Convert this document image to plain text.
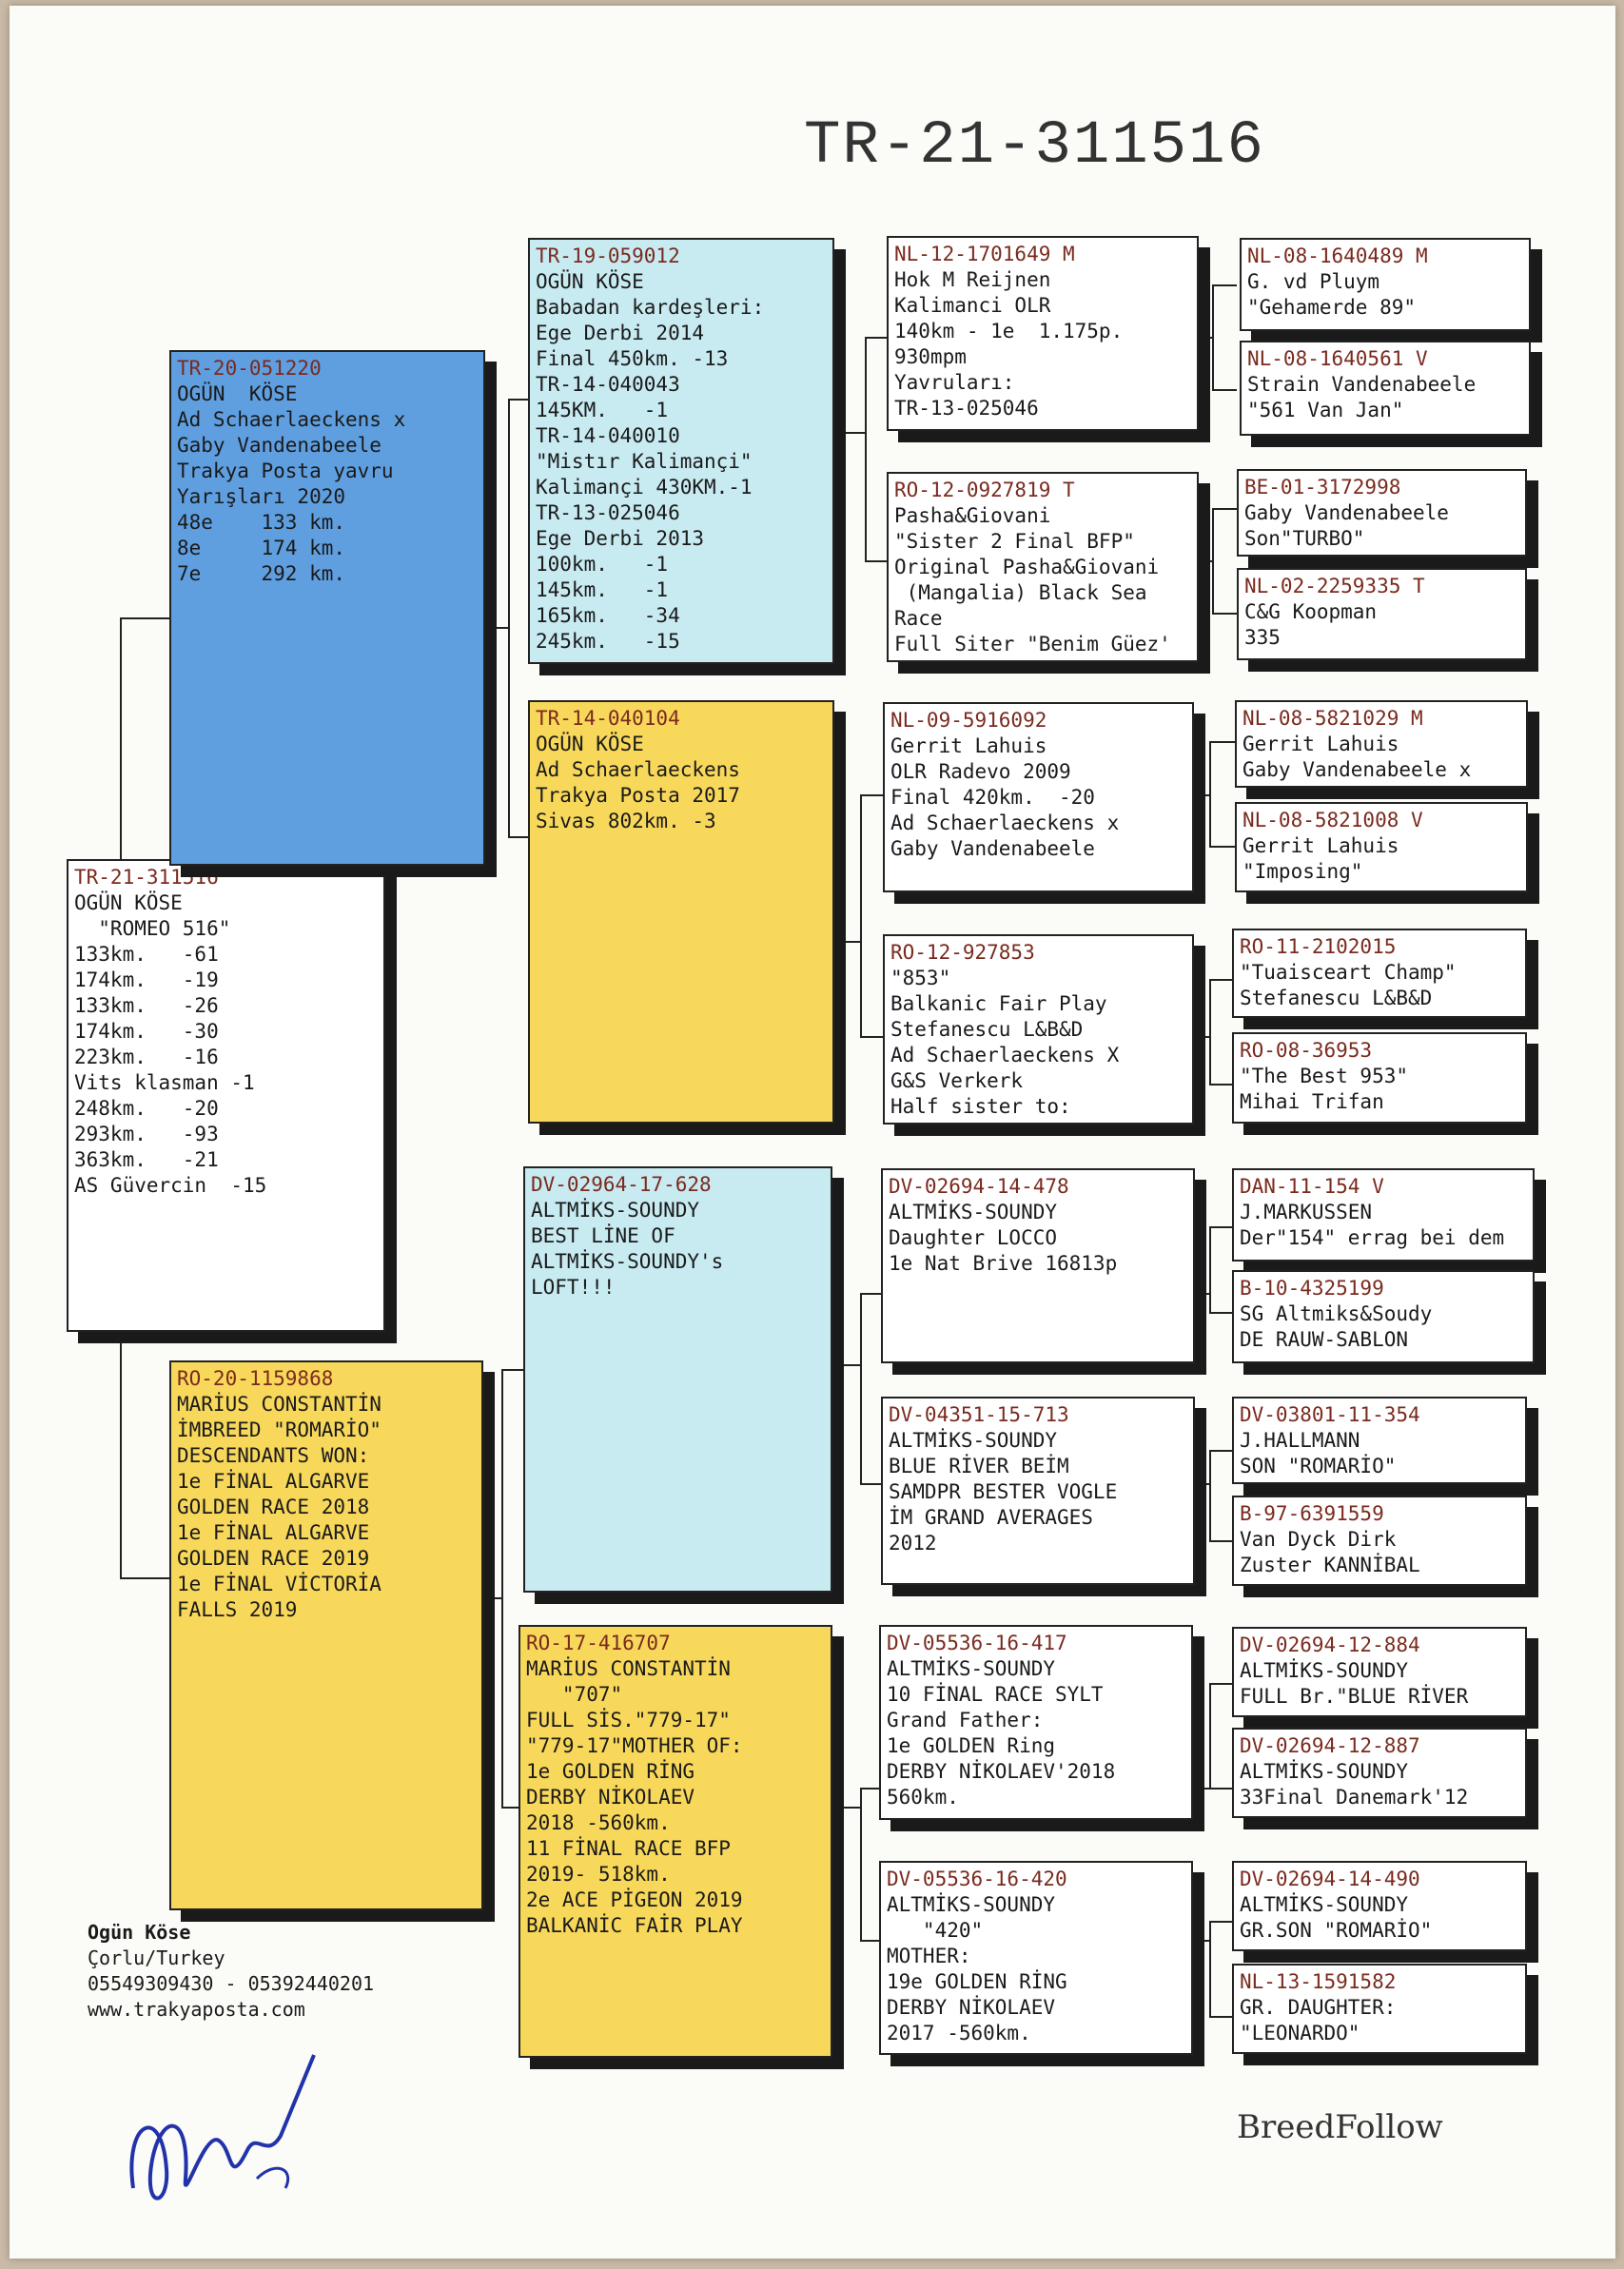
TR-21-311516
TR-21-311516
OGÜN KÖSE
"ROMEO 516"
133km.   -61
174km.   -19
133km.   -26
174km.   -30
223km.   -16
Vits klasman -1
248km.   -20
293km.   -93
363km.   -21
AS Güvercin  -15
TR-20-051220
OGÜN  KÖSE
Ad Schaerlaeckens x
Gaby Vandenabeele
Trakya Posta yavru
Yarışları 2020
48e    133 km.
8e     174 km.
7e     292 km.
RO-20-1159868
MARİUS CONSTANTİN
İMBREED "ROMARİO"
DESCENDANTS WON:
1e FİNAL ALGARVE
GOLDEN RACE 2018
1e FİNAL ALGARVE
GOLDEN RACE 2019
1e FİNAL VİCTORİA
FALLS 2019
TR-19-059012
OGÜN KÖSE
Babadan kardeşleri:
Ege Derbi 2014
Final 450km. -13
TR-14-040043
145KM.   -1
TR-14-040010
"Mistır Kalimançi"
Kalimançi 430KM.-1
TR-13-025046
Ege Derbi 2013
100km.   -1
145km.   -1
165km.   -34
245km.   -15
TR-14-040104
OGÜN KÖSE
Ad Schaerlaeckens
Trakya Posta 2017
Sivas 802km. -3
DV-02964-17-628
ALTMİKS-SOUNDY
BEST LİNE OF
ALTMİKS-SOUNDY's
LOFT!!!
RO-17-416707
MARİUS CONSTANTİN
"707"
FULL SİS."779-17"
"779-17"MOTHER OF:
1e GOLDEN RİNG
DERBY NİKOLAEV
2018 -560km.
11 FİNAL RACE BFP
2019- 518km.
2e ACE PİGEON 2019
BALKANİC FAİR PLAY
NL-12-1701649 M
Hok M Reijnen
Kalimanci OLR
140km - 1e  1.175p.
930mpm
Yavruları:
TR-13-025046
RO-12-0927819 T
Pasha&Giovani
"Sister 2 Final BFP"
Original Pasha&Giovani
(Mangalia) Black Sea
Race
Full Siter "Benim Güez'
NL-09-5916092
Gerrit Lahuis
OLR Radevo 2009
Final 420km.  -20
Ad Schaerlaeckens x
Gaby Vandenabeele
RO-12-927853
"853"
Balkanic Fair Play
Stefanescu L&B&D
Ad Schaerlaeckens X
G&S Verkerk
Half sister to:
DV-02694-14-478
ALTMİKS-SOUNDY
Daughter LOCCO
1e Nat Brive 16813p
DV-04351-15-713
ALTMİKS-SOUNDY
BLUE RİVER BEİM
SAMDPR BESTER VOGLE
İM GRAND AVERAGES
2012
DV-05536-16-417
ALTMİKS-SOUNDY
10 FİNAL RACE SYLT
Grand Father:
1e GOLDEN Ring
DERBY NİKOLAEV'2018
560km.
DV-05536-16-420
ALTMİKS-SOUNDY
"420"
MOTHER:
19e GOLDEN RİNG
DERBY NİKOLAEV
2017 -560km.
NL-08-1640489 M
G. vd Pluym
"Gehamerde 89"
NL-08-1640561 V
Strain Vandenabeele
"561 Van Jan"
BE-01-3172998
Gaby Vandenabeele
Son"TURBO"
NL-02-2259335 T
C&G Koopman
335
NL-08-5821029 M
Gerrit Lahuis
Gaby Vandenabeele x
NL-08-5821008 V
Gerrit Lahuis
"Imposing"
RO-11-2102015
"Tuaisceart Champ"
Stefanescu L&B&D
RO-08-36953
"The Best 953"
Mihai Trifan
DAN-11-154 V
J.MARKUSSEN
Der"154" errag bei dem
B-10-4325199
SG Altmiks&Soudy
DE RAUW-SABLON
DV-03801-11-354
J.HALLMANN
SON "ROMARİO"
B-97-6391559
Van Dyck Dirk
Zuster KANNİBAL
DV-02694-12-884
ALTMİKS-SOUNDY
FULL Br."BLUE RİVER
DV-02694-12-887
ALTMİKS-SOUNDY
33Final Danemark'12
DV-02694-14-490
ALTMİKS-SOUNDY
GR.SON "ROMARİO"
NL-13-1591582
GR. DAUGHTER:
"LEONARDO"
Ogün Köse
Çorlu/Turkey
05549309430 - 05392440201
www.trakyaposta.com
BreedFollow
